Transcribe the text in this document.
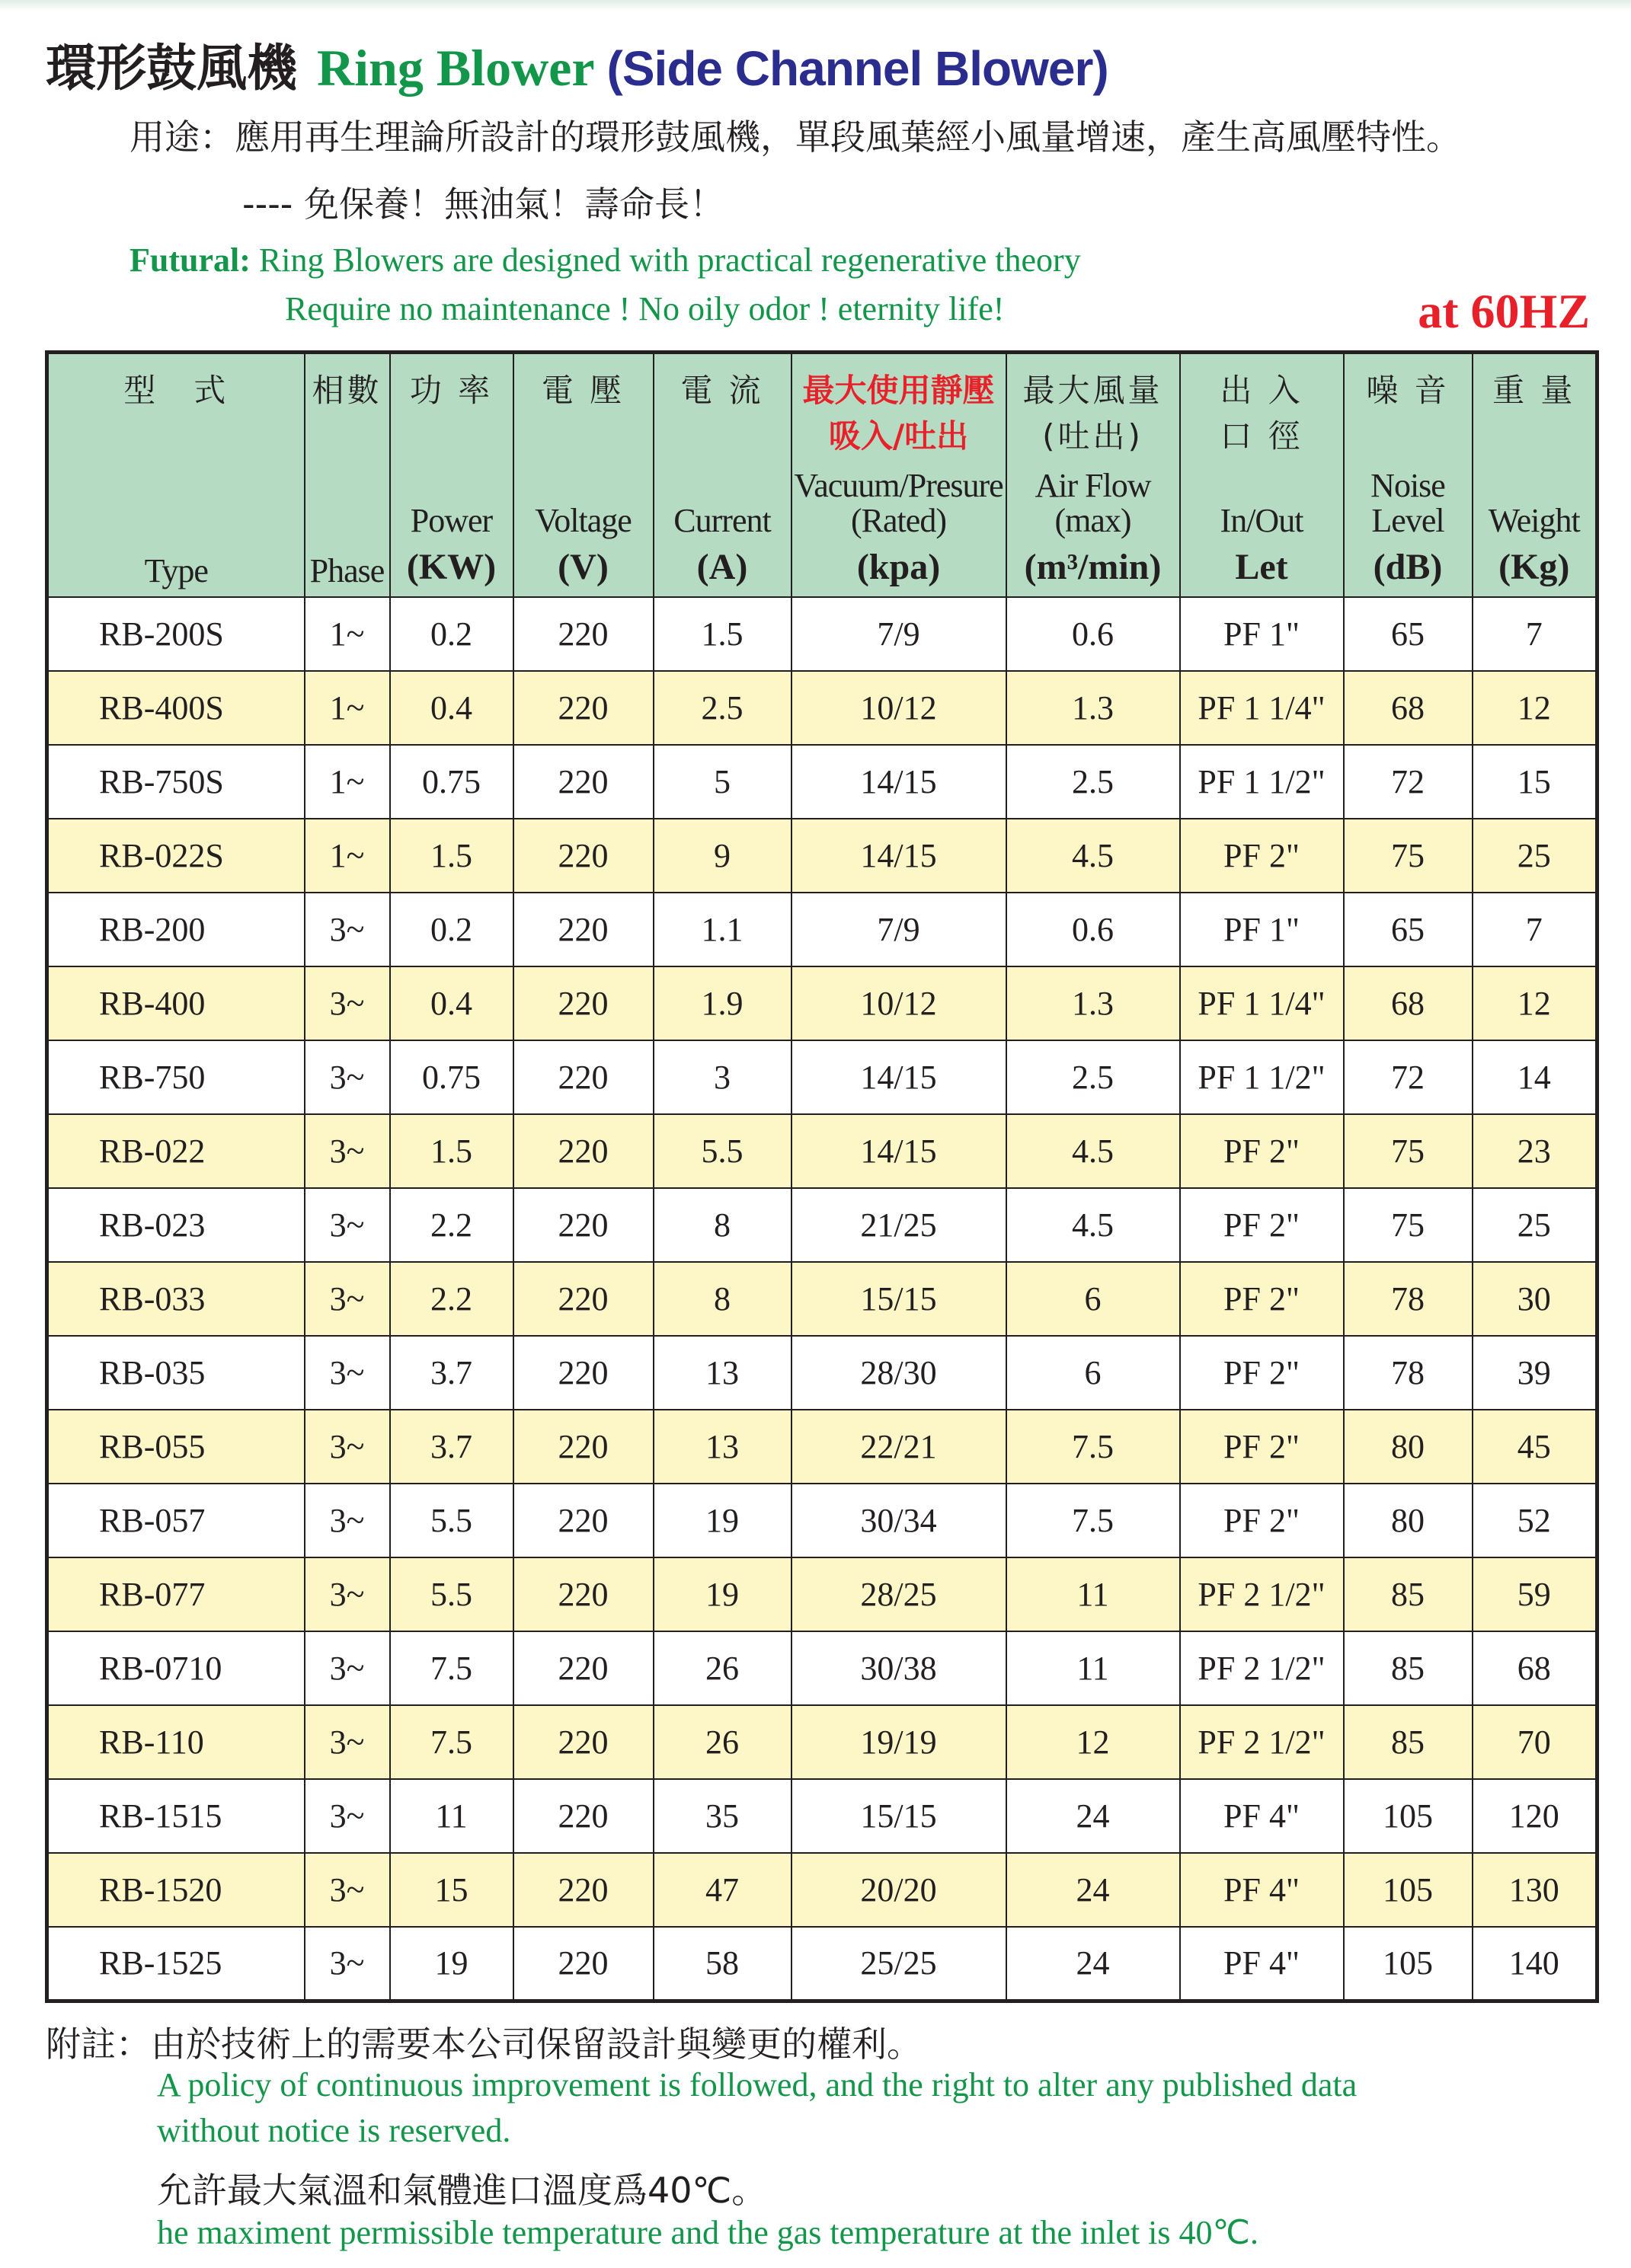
環形鼓風機 Ring Blower (Side Channel Blower)
用途：應用再生理論所設計的環形鼓風機，單段風葉經小風量增速，產生高風壓特性。
---- 免保養！無油氣！壽命長！
Futural: Ring Blowers are designed with practical regenerative theory
Require no maintenance ! No oily odor ! eternity life!	at 60HZ
型　式
Type

相數
Phase

功 率
Power
(KW)

電 壓
Voltage
(V)

電 流
Current
(A)

最大使用靜壓
吸入/吐出
Vacuum/Presure
(Rated)
(kpa)

最大風量
(吐出)
Air Flow (max)
(m³/min)

出 入
口 徑
In/Out
Let

噪 音
Noise Level
(dB)

重 量
Weight
(Kg)

RB-200S	1~	0.2	220	1.5	7/9	0.6	PF 1"	65	7
RB-400S	1~	0.4	220	2.5	10/12	1.3	PF 1 1/4"	68	12
RB-750S	1~	0.75	220	5	14/15	2.5	PF 1 1/2"	72	15
RB-022S	1~	1.5	220	9	14/15	4.5	PF 2"	75	25
RB-200	3~	0.2	220	1.1	7/9	0.6	PF 1"	65	7
RB-400	3~	0.4	220	1.9	10/12	1.3	PF 1 1/4"	68	12
RB-750	3~	0.75	220	3	14/15	2.5	PF 1 1/2"	72	14
RB-022	3~	1.5	220	5.5	14/15	4.5	PF 2"	75	23
RB-023	3~	2.2	220	8	21/25	4.5	PF 2"	75	25
RB-033	3~	2.2	220	8	15/15	6	PF 2"	78	30
RB-035	3~	3.7	220	13	28/30	6	PF 2"	78	39
RB-055	3~	3.7	220	13	22/21	7.5	PF 2"	80	45
RB-057	3~	5.5	220	19	30/34	7.5	PF 2"	80	52
RB-077	3~	5.5	220	19	28/25	11	PF 2 1/2"	85	59
RB-0710	3~	7.5	220	26	30/38	11	PF 2 1/2"	85	68
RB-110	3~	7.5	220	26	19/19	12	PF 2 1/2"	85	70
RB-1515	3~	11	220	35	15/15	24	PF 4"	105	120
RB-1520	3~	15	220	47	20/20	24	PF 4"	105	130
RB-1525	3~	19	220	58	25/25	24	PF 4"	105	140
附註：由於技術上的需要本公司保留設計與變更的權利。
A policy of continuous improvement is followed, and the right to alter any published data
without notice is reserved.
允許最大氣溫和氣體進口溫度爲40℃。
he maximent permissible temperature and the gas temperature at the inlet is 40℃.
